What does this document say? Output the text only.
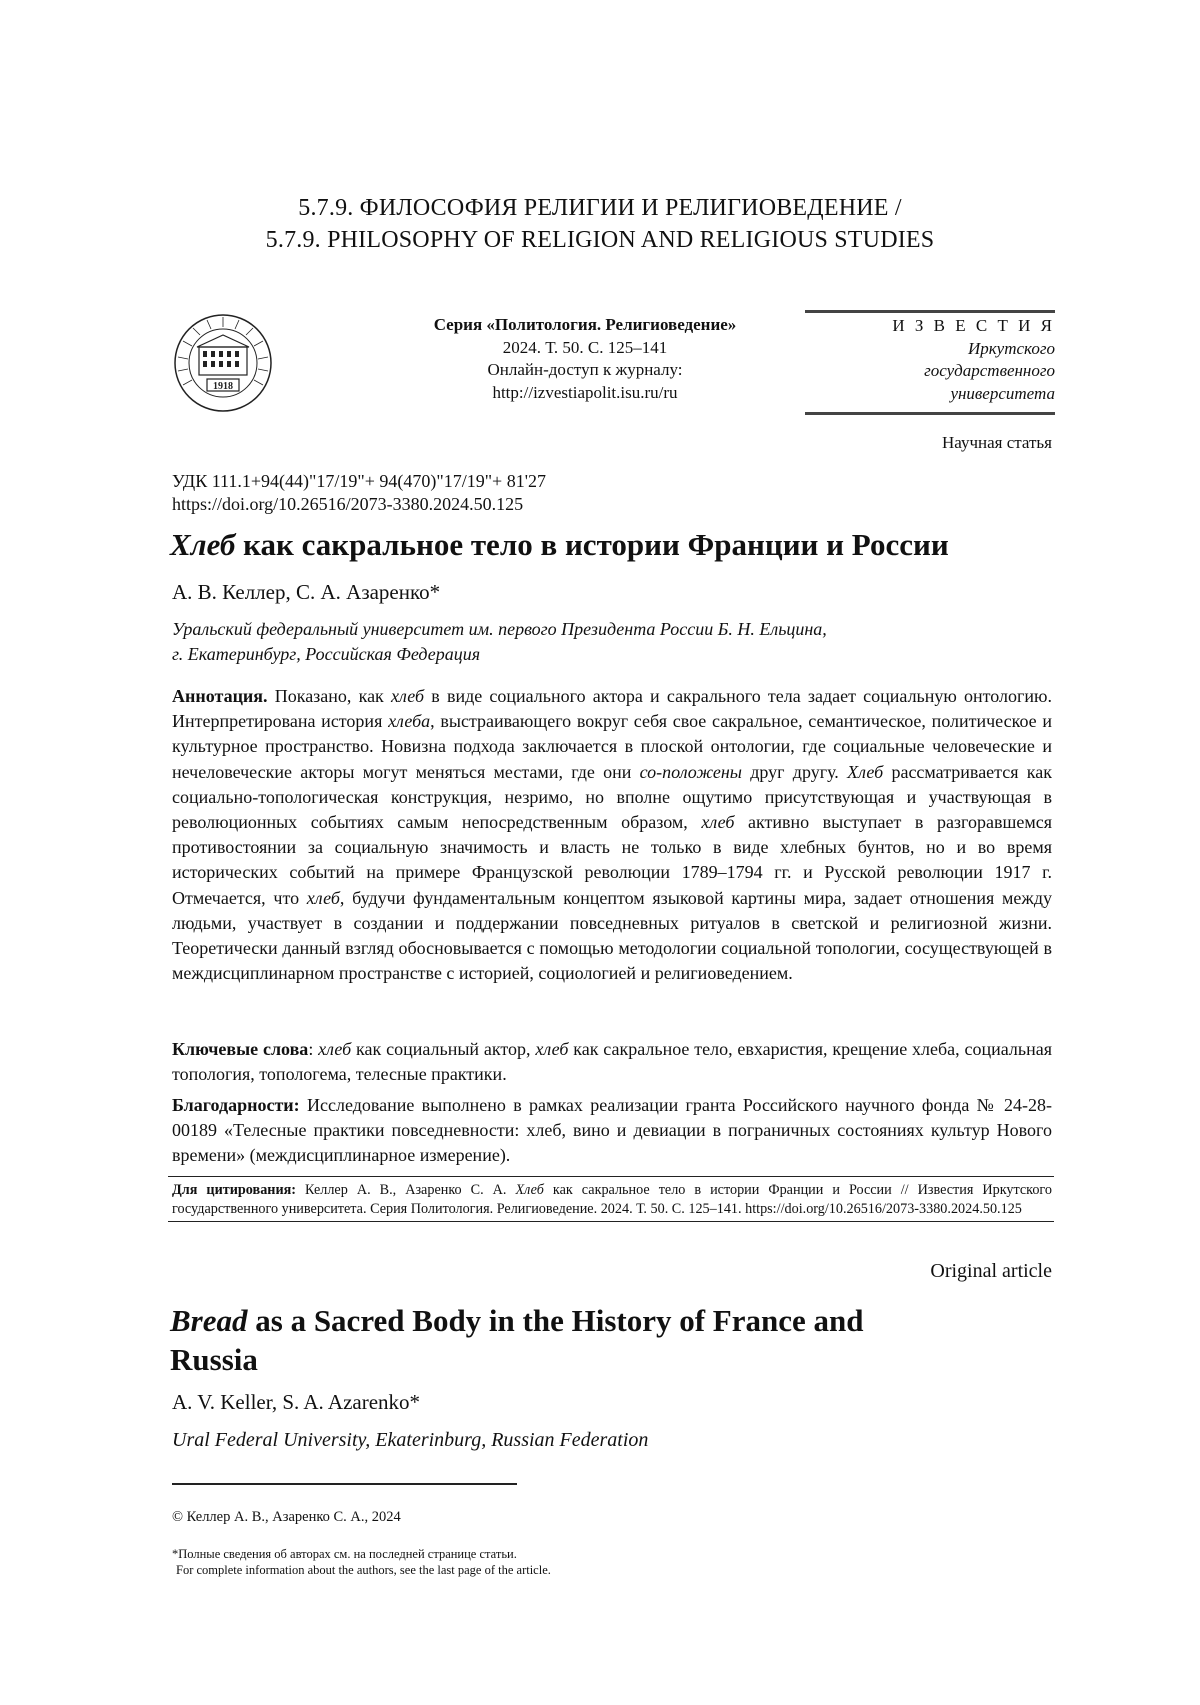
5.7.9. ФИЛОСОФИЯ РЕЛИГИИ И РЕЛИГИОВЕДЕНИЕ /
5.7.9. PHILOSOPHY OF RELIGION AND RELIGIOUS STUDIES
1918
Серия «Политология. Религиоведение»
2024. Т. 50. С. 125–141
Онлайн-доступ к журналу:
http://izvestiapolit.isu.ru/ru
И З В Е С Т И Я
Иркутского
государственного
университета
Научная статья
УДК 111.1+94(44)"17/19"+ 94(470)"17/19"+ 81'27
https://doi.org/10.26516/2073-3380.2024.50.125
Хлеб как сакральное тело в истории Франции и России
А. В. Келлер, С. А. Азаренко*
Уральский федеральный университет им. первого Президента России Б. Н. Ельцина,
г. Екатеринбург, Российская Федерация
Аннотация. Показано, как хлеб в виде социального актора и сакрального тела задает социальную онтологию. Интерпретирована история хлеба, выстраивающего вокруг себя свое сакральное, семантическое, политическое и культурное пространство. Новизна подхода заключается в плоской онтологии, где социальные человеческие и нечеловеческие акторы могут меняться местами, где они со-положены друг другу. Хлеб рассматривается как социально-топологическая конструкция, незримо, но вполне ощутимо присутствующая и участвующая в революционных событиях самым непосредственным образом, хлеб активно выступает в разгоравшемся противостоянии за социальную значимость и власть не только в виде хлебных бунтов, но и во время исторических событий на примере Французской революции 1789–1794 гг. и Русской революции 1917 г. Отмечается, что хлеб, будучи фундаментальным концептом языковой картины мира, задает отношения между людьми, участвует в создании и поддержании повседневных ритуалов в светской и религиозной жизни. Теоретически данный взгляд обосновывается с помощью методологии социальной топологии, сосуществующей в междисциплинарном пространстве с историей, социологией и религиоведением.
Ключевые слова: хлеб как социальный актор, хлеб как сакральное тело, евхаристия, крещение хлеба, социальная топология, топологема, телесные практики.
Благодарности: Исследование выполнено в рамках реализации гранта Российского научного фонда № 24-28-00189 «Телесные практики повседневности: хлеб, вино и девиации в пограничных состояниях культур Нового времени» (междисциплинарное измерение).
Для цитирования: Келлер А. В., Азаренко С. А. Хлеб как сакральное тело в истории Франции и России // Известия Иркутского государственного университета. Серия Политология. Религиоведение. 2024. Т. 50. С. 125–141. https://doi.org/10.26516/2073-3380.2024.50.125
Original article
Bread as a Sacred Body in the History of France and Russia
A. V. Keller, S. A. Azarenko*
Ural Federal University, Ekaterinburg, Russian Federation
© Келлер А. В., Азаренко С. А., 2024
*Полные сведения об авторах см. на последней странице статьи.
For complete information about the authors, see the last page of the article.
